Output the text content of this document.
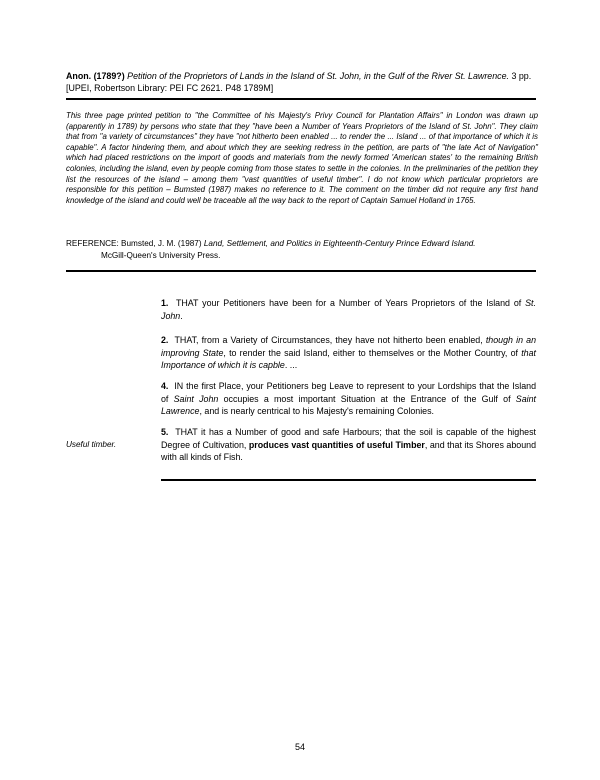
Anon. (1789?) Petition of the Proprietors of Lands in the Island of St. John, in the Gulf of the River St. Lawrence. 3 pp. [UPEI, Robertson Library: PEI FC 2621. P48 1789M]
This three page printed petition to "the Committee of his Majesty's Privy Council for Plantation Affairs" in London was drawn up (apparently in 1789) by persons who state that they "have been a Number of Years Proprietors of the Island of St. John". They claim that from "a variety of circumstances" they have "not hitherto been enabled ... to render the ... Island ... of that importance of which it is capable". A factor hindering them, and about which they are seeking redress in the petition, are parts of "the late Act of Navigation" which had placed restrictions on the import of goods and materials from the newly formed 'American states' to the remaining British colonies, including the island, even by people coming from those states to settle in the colonies. In the preliminaries of the petition they list the resources of the island – among them "vast quantities of useful timber". I do not know which particular proprietors are responsible for this petition – Bumsted (1987) makes no reference to it. The comment on the timber did not require any first hand knowledge of the island and could well be traceable all the way back to the report of Captain Samuel Holland in 1765.
REFERENCE: Bumsted, J. M. (1987) Land, Settlement, and Politics in Eighteenth-Century Prince Edward Island.
McGill-Queen's University Press.
1. THAT your Petitioners have been for a Number of Years Proprietors of the Island of St. John.
2. THAT, from a Variety of Circumstances, they have not hitherto been enabled, though in an improving State, to render the said Island, either to themselves or the Mother Country, of that Importance of which it is capble. ...
4. IN the first Place, your Petitioners beg Leave to represent to your Lordships that the Island of Saint John occupies a most important Situation at the Entrance of the Gulf of Saint Lawrence, and is nearly centrical to his Majesty's remaining Colonies.
5. THAT it has a Number of good and safe Harbours; that the soil is capable of the highest Degree of Cultivation, produces vast quantities of useful Timber, and that its Shores abound with all kinds of Fish.
Useful timber.
54
